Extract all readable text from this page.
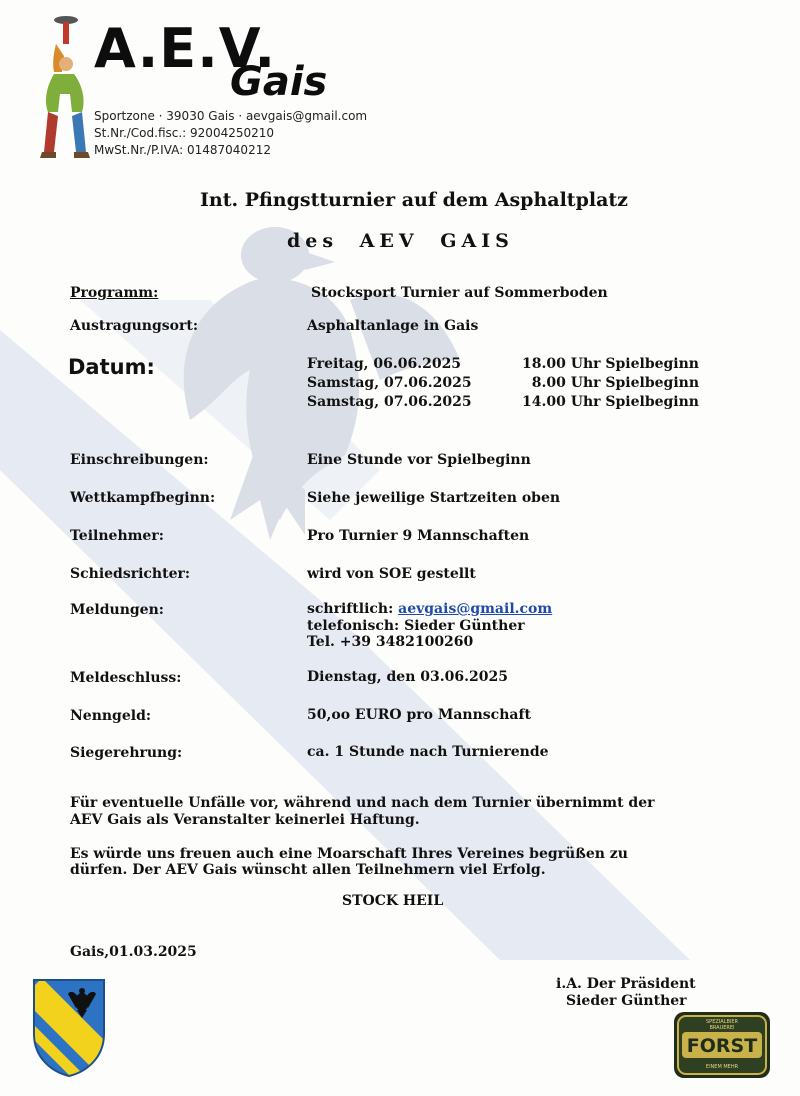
A.E.V.
Gais
Sportzone · 39030 Gais · aevgais@gmail.com
St.Nr./Cod.fisc.: 92004250210
MwSt.Nr./P.IVA: 01487040212
Int. Pfingstturnier auf dem Asphaltplatz
des AEV GAIS
Programm:	Stocksport Turnier auf Sommerboden
Austragungsort:	Asphaltanlage in Gais
Datum:	Freitag, 06.06.2025	18.00 Uhr Spielbeginn
Samstag, 07.06.2025	8.00 Uhr Spielbeginn
Samstag, 07.06.2025	14.00 Uhr Spielbeginn
Einschreibungen:	Eine Stunde vor Spielbeginn
Wettkampfbeginn:	Siehe jeweilige Startzeiten oben
Teilnehmer:	Pro Turnier 9 Mannschaften
Schiedsrichter:	wird von SOE gestellt
Meldungen:	schriftlich: aevgais@gmail.com
telefonisch: Sieder Günther
Tel. +39 3482100260
Meldeschluss:	Dienstag, den 03.06.2025
Nenngeld:	50,oo EURO pro Mannschaft
Siegerehrung:	ca. 1 Stunde nach Turnierende
Für eventuelle Unfälle vor, während und nach dem Turnier übernimmt der
AEV Gais als Veranstalter keinerlei Haftung.
Es würde uns freuen auch eine Moarschaft Ihres Vereines begrüßen zu
dürfen. Der AEV Gais wünscht allen Teilnehmern viel Erfolg.
STOCK HEIL
Gais,01.03.2025
i.A. Der Präsident
Sieder Günther
FORST
SPEZIALBIER
BRAUEREI
EINEM MEHR
